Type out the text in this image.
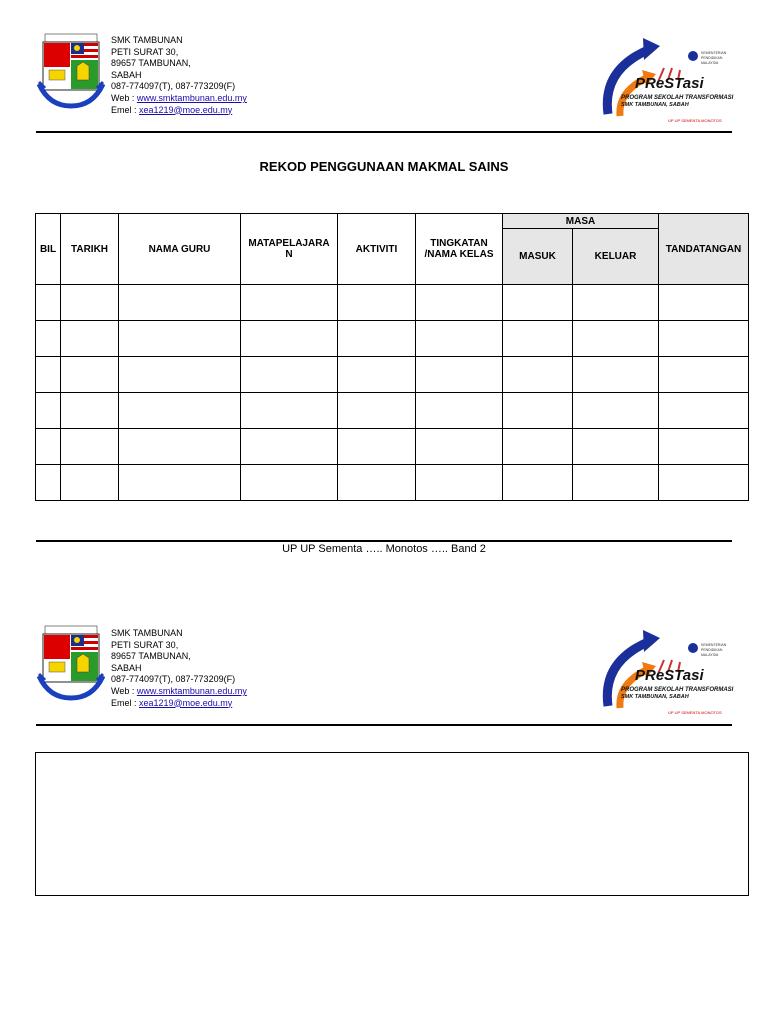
SMK TAMBUNAN
PETI SURAT 30,
89657 TAMBUNAN,
SABAH
087-774097(T), 087-773209(F)
Web : www.smktambunan.edu.my
Emel : xea1219@moe.edu.my
PReSTasi
PROGRAM SEKOLAH TRANSFORMASI
SMK TAMBUNAN, SABAH
KEMENTERIAN
PENDIDIKAN
MALAYSIA
UP UP SEMENTA MONOTOS
REKOD PENGGUNAAN MAKMAL SAINS
BIL	TARIKH	NAMA GURU	MATAPELAJARA N	AKTIVITI	TINGKATAN /NAMA KELAS	MASA		TANDATANGAN
						MASUK	KELUAR	

UP UP Sementa ….. Monotos ….. Band 2
SMK TAMBUNAN
PETI SURAT 30,
89657 TAMBUNAN,
SABAH
087-774097(T), 087-773209(F)
Web : www.smktambunan.edu.my
Emel : xea1219@moe.edu.my
PReSTasi
PROGRAM SEKOLAH TRANSFORMASI
SMK TAMBUNAN, SABAH
KEMENTERIAN
PENDIDIKAN
MALAYSIA
UP UP SEMENTA MONOTOS
